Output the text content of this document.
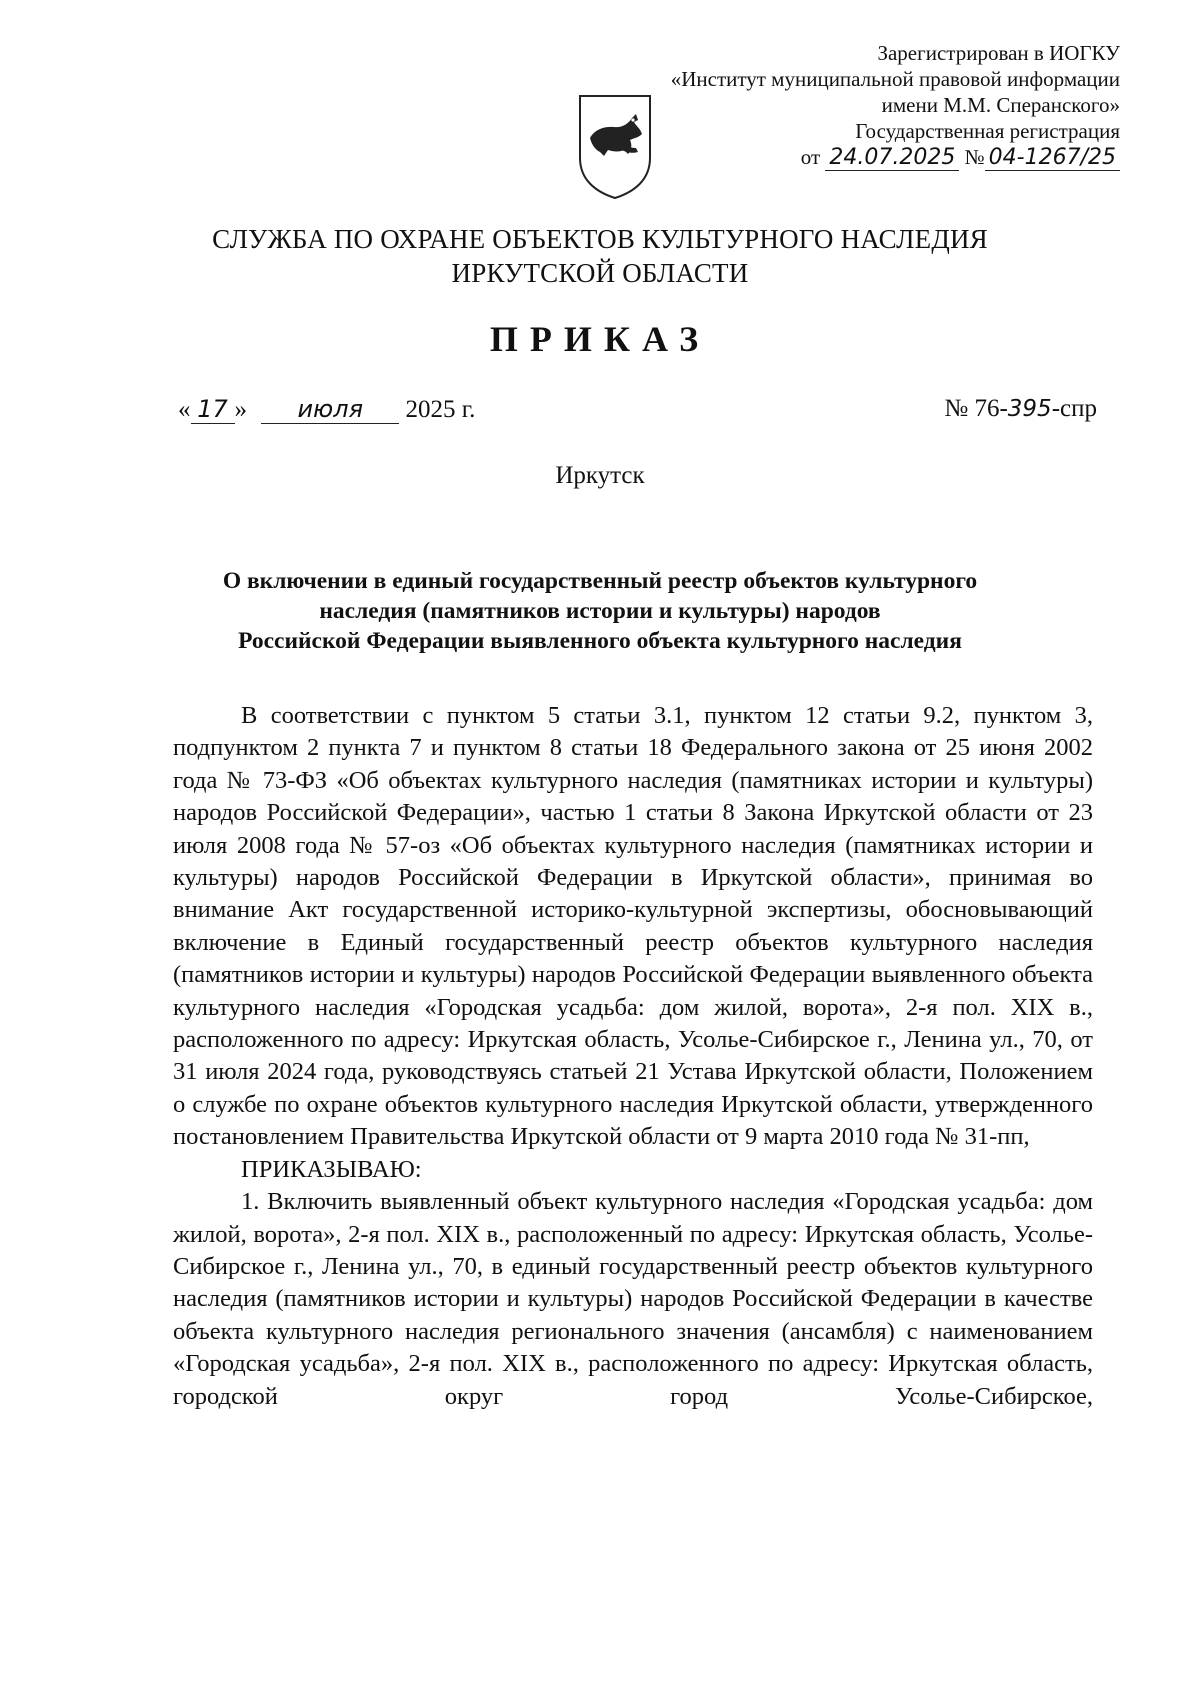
Зарегистрирован в ИОГКУ
«Институт муниципальной правовой информации
имени М.М. Сперанского»
Государственная регистрация
от 24.07.2025 № 04-1267/25
СЛУЖБА ПО ОХРАНЕ ОБЪЕКТОВ КУЛЬТУРНОГО НАСЛЕДИЯ
ИРКУТСКОЙ ОБЛАСТИ
ПРИКАЗ
« 17 » июля 2025 г.	№ 76-395-спр
Иркутск
О включении в единый государственный реестр объектов культурного
наследия (памятников истории и культуры) народов
Российской Федерации выявленного объекта культурного наследия

В соответствии с пунктом 5 статьи 3.1, пунктом 12 статьи 9.2, пунктом 3, подпунктом 2 пункта 7 и пунктом 8 статьи 18 Федерального закона от 25 июня 2002 года № 73-ФЗ «Об объектах культурного наследия (памятниках истории и культуры) народов Российской Федерации», частью 1 статьи 8 Закона Иркутской области от 23 июля 2008 года № 57-оз «Об объектах культурного наследия (памятниках истории и культуры) народов Российской Федерации в Иркутской области», принимая во внимание Акт государственной историко-культурной экспертизы, обосновывающий включение в Единый государственный реестр объектов культурного наследия (памятников истории и культуры) народов Российской Федерации выявленного объекта культурного наследия «Городская усадьба: дом жилой, ворота», 2-я пол. XIX в., расположенного по адресу: Иркутская область, Усолье-Сибирское г., Ленина ул., 70, от 31 июля 2024 года, руководствуясь статьей 21 Устава Иркутской области, Положением о службе по охране объектов культурного наследия Иркутской области, утвержденного постановлением Правительства Иркутской области от 9 марта 2010 года № 31-пп,

ПРИКАЗЫВАЮ:

1. Включить выявленный объект культурного наследия «Городская усадьба: дом жилой, ворота», 2-я пол. XIX в., расположенный по адресу: Иркутская область, Усолье-Сибирское г., Ленина ул., 70, в единый государственный реестр объектов культурного наследия (памятников истории и культуры) народов Российской Федерации в качестве объекта культурного наследия регионального значения (ансамбля) с наименованием «Городская усадьба», 2-я пол. XIX в., расположенного по адресу: Иркутская область, городской округ город Усолье-Сибирское,
